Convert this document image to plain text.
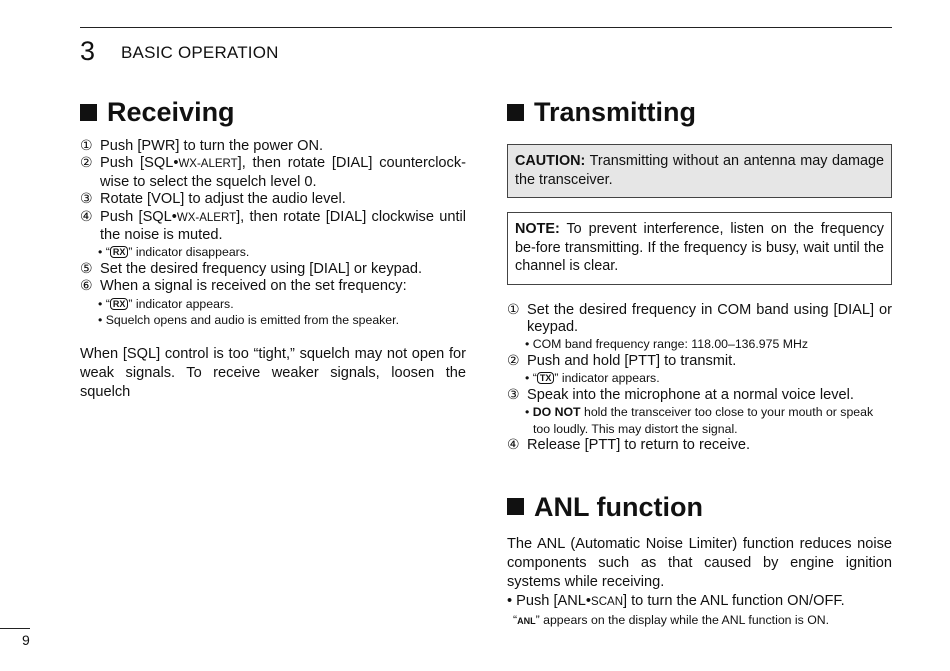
3 BASIC OPERATION
Receiving
① Push [PWR] to turn the power ON.
② Push [SQL•WX-ALERT], then rotate [DIAL] counterclock-wise to select the squelch level 0.
③ Rotate [VOL] to adjust the audio level.
④ Push [SQL•WX-ALERT], then rotate [DIAL] clockwise until the noise is muted.
• “ RX ” indicator disappears.
⑤ Set the desired frequency using [DIAL] or keypad.
⑥ When a signal is received on the set frequency:
• “ RX ” indicator appears.
• Squelch opens and audio is emitted from the speaker.

When [SQL] control is too “tight,” squelch may not open for weak signals. To receive weaker signals, loosen the squelch

Transmitting
CAUTION: Transmitting without an antenna may damage the transceiver.
NOTE: To prevent interference, listen on the frequency be-fore transmitting. If the frequency is busy, wait until the channel is clear.
① Set the desired frequency in COM band using [DIAL] or keypad.
• COM band frequency range: 118.00–136.975 MHz
② Push and hold [PTT] to transmit.
• “ TX ” indicator appears.
③ Speak into the microphone at a normal voice level.
• DO NOT hold the transceiver too close to your mouth or speak too loudly. This may distort the signal.
④ Release [PTT] to return to receive.
ANL function

The ANL (Automatic Noise Limiter) function reduces noise components such as that caused by engine ignition systems while receiving.

• Push [ANL•SCAN] to turn the ANL function ON/OFF.
“ANL” appears on the display while the ANL function is ON.
9
